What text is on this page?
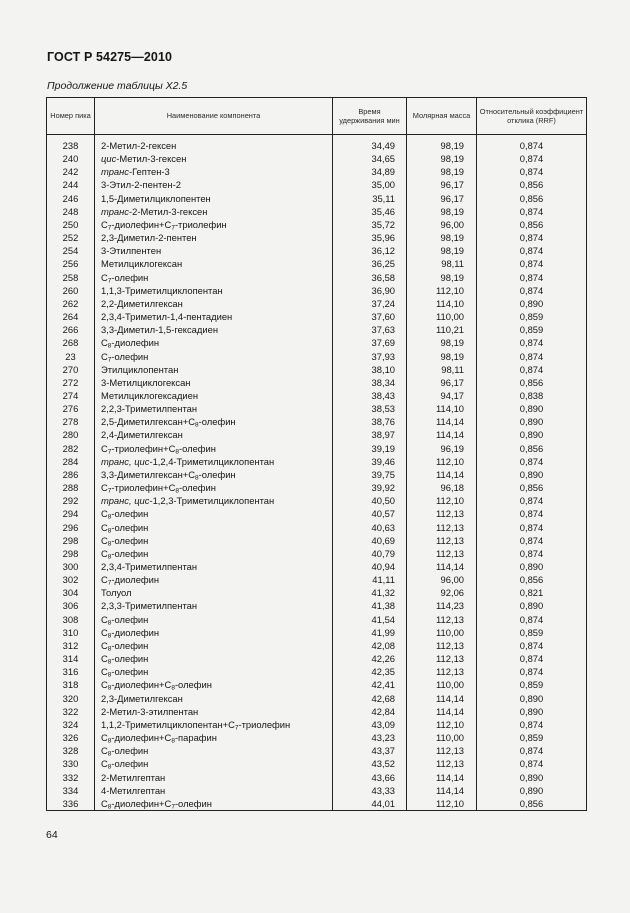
ГОСТ Р 54275—2010
Продолжение таблицы Х2.5
Номер пика	Наименование компонента	Время удерживания мин	Молярная масса	Относительный коэффициент отклика (RRF)

238	2-Метил-2-гексен	34,49	98,19	0,874
240	цис-Метил-3-гексен	34,65	98,19	0,874
242	транс-Гептен-3	34,89	98,19	0,874
244	3-Этил-2-пентен-2	35,00	96,17	0,856
246	1,5-Диметилциклопентен	35,11	96,17	0,856
248	транс-2-Метил-3-гексен	35,46	98,19	0,874
250	$C_7-диолефин+C_7$-триолефин	35,72	96,00	0,856
252	2,3-Диметил-2-пентен	35,96	98,19	0,874
254	3-Этилпентен	36,12	98,19	0,874
256	Метилциклогексан	36,25	98,11	0,874
258	$C_7$-олефин	36,58	98,19	0,874
260	1,1,3-Триметилциклопентан	36,90	112,10	0,874
262	2,2-Диметилгексан	37,24	114,10	0,890
264	2,3,4-Триметил-1,4-пентадиен	37,60	110,00	0,859
266	3,3-Диметил-1,5-гексадиен	37,63	110,21	0,859
268	$C_8$-диолефин	37,69	98,19	0,874
23	$C_7$-олефин	37,93	98,19	0,874
270	Этилциклопентан	38,10	98,11	0,874
272	3-Метилциклогексан	38,34	96,17	0,856
274	Метилциклогексадиен	38,43	94,17	0,838
276	2,2,3-Триметилпентан	38,53	114,10	0,890
278	$2,5-Диметилгексан+C_8$-олефин	38,76	114,14	0,890
280	2,4-Диметилгексан	38,97	114,14	0,890
282	$C_7-триолефин+C_8$-олефин	39,19	96,19	0,856
284	транс, цис-1,2,4-Триметилциклопентан	39,46	112,10	0,874
286	$3,3-Диметилгексан+C_8$-олефин	39,75	114,14	0,890
288	$C_7-триолефин+C_8$-олефин	39,92	96,18	0,856
292	транс, цис-1,2,3-Триметилциклопентан	40,50	112,10	0,874
294	$C_8$-олефин	40,57	112,13	0,874
296	$C_8$-олефин	40,63	112,13	0,874
298	$C_8$-олефин	40,69	112,13	0,874
298	$C_8$-олефин	40,79	112,13	0,874
300	2,3,4-Триметилпентан	40,94	114,14	0,890
302	$C_7$-диолефин	41,11	96,00	0,856
304	Толуол	41,32	92,06	0,821
306	2,3,3-Триметилпентан	41,38	114,23	0,890
308	$C_8$-олефин	41,54	112,13	0,874
310	$C_8$-диолефин	41,99	110,00	0,859
312	$C_8$-олефин	42,08	112,13	0,874
314	$C_8$-олефин	42,26	112,13	0,874
316	$C_8$-олефин	42,35	112,13	0,874
318	$C_8-диолефин+C_8$-олефин	42,41	110,00	0,859
320	2,3-Диметилгексан	42,68	114,14	0,890
322	2-Метил-3-этилпентан	42,84	114,14	0,890
324	$1,1,2-Триметилциклопентан+C_7$-триолефин	43,09	112,10	0,874
326	$C_8-диолефин+C_8$-парафин	43,23	110,00	0,859
328	$C_8$-олефин	43,37	112,13	0,874
330	$C_8$-олефин	43,52	112,13	0,874
332	2-Метилгептан	43,66	114,14	0,890
334	4-Метилгептан	43,33	114,14	0,890
336	$C_8-диолефин+C_7$-олефин	44,01	112,10	0,856
64
